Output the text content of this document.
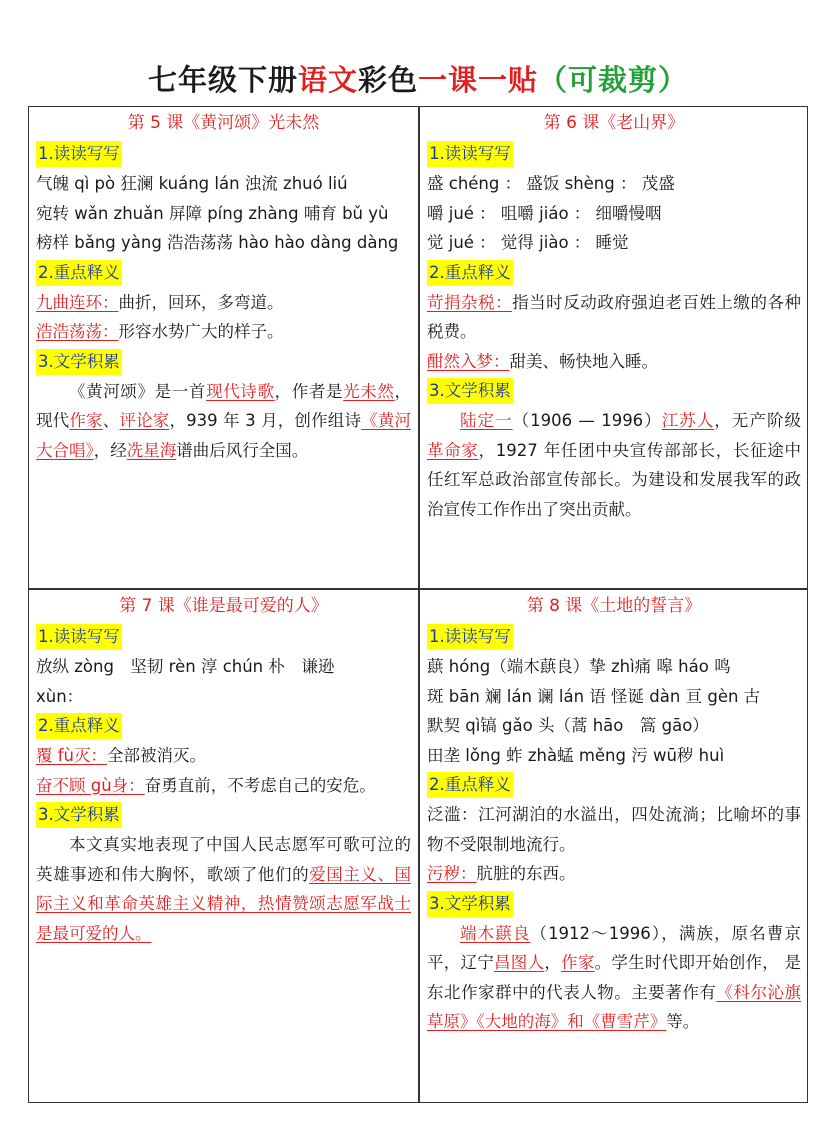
七年级下册语文彩色一课一贴（可裁剪）
第 5 课《黄河颂》光未然
1.读读写写
气魄 qì pò 狂澜 kuáng lán 浊流 zhuó liú
宛转 wǎn zhuǎn 屏障 píng zhàng 哺育 bǔ yù
榜样 bǎng yàng 浩浩荡荡 hào hào dàng dàng
2.重点释义
九曲连环：曲折，回环，多弯道。
浩浩荡荡：形容水势广大的样子。
3.文学积累
《黄河颂》是一首现代诗歌，作者是光未然，现代作家、评论家，939 年 3 月，创作组诗《黄河大合唱》，经冼星海谱曲后风行全国。
第 6 课《老山界》
1.读读写写
盛 chéng ： 盛饭 shèng ： 茂盛
嚼 jué ： 咀嚼 jiáo ： 细嚼慢咽
觉 jué ： 觉得 jiào ： 睡觉
2.重点释义
苛捐杂税：指当时反动政府强迫老百姓上缴的各种税费。
酣然入梦：甜美、畅快地入睡。
3.文学积累
陆定一（1906 — 1996）江苏人，无产阶级革命家，1927 年任团中央宣传部部长，长征途中任红军总政治部宣传部长。为建设和发展我军的政治宣传工作作出了突出贡献。
第 7 课《谁是最可爱的人》
1.读读写写
放纵 zòng　坚韧 rèn 淳 chún 朴　谦逊
xùn：
2.重点释义
覆 fù灭：全部被消灭。
奋不顾 gù身：奋勇直前，不考虑自己的安危。
3.文学积累
本文真实地表现了中国人民志愿军可歌可泣的英雄事迹和伟大胸怀，歌颂了他们的爱国主义、国际主义和革命英雄主义精神，热情赞颂志愿军战士是最可爱的人。
第 8 课《土地的誓言》
1.读读写写
蕻 hóng（端木蕻良）挚 zhì痛 嗥 háo 鸣
斑 bān 斓 lán 谰 lán 语 怪诞 dàn 亘 gèn 古
默契 qì镐 gǎo 头（蒿 hāo　篙 gāo）
田垄 lǒng 蚱 zhà蜢 měng 污 wū秽 huì
2.重点释义
泛滥：江河湖泊的水溢出，四处流淌；比喻坏的事物不受限制地流行。
污秽：肮脏的东西。
3.文学积累
端木蕻良（1912～1996），满族，原名曹京平，辽宁昌图人，作家。学生时代即开始创作， 是东北作家群中的代表人物。主要著作有《科尔沁旗草原》《大地的海》和《曹雪芹》等。
